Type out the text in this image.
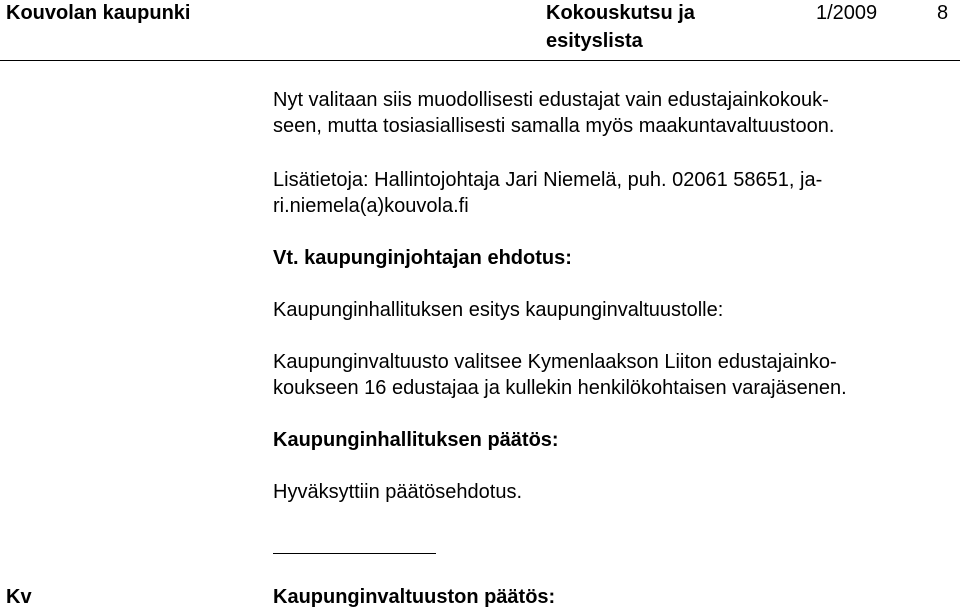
Kouvolan kaupunki	Kokouskutsu ja
esityslista
1/2009	8
Nyt valitaan siis muodollisesti edustajat vain edustajainkokouk-
seen, mutta tosiasiallisesti samalla myös maakuntavaltuustoon.
Lisätietoja: Hallintojohtaja Jari Niemelä, puh. 02061 58651, ja-
ri.niemela(a)kouvola.fi
Vt. kaupunginjohtajan ehdotus:
Kaupunginhallituksen esitys kaupunginvaltuustolle:
Kaupunginvaltuusto valitsee Kymenlaakson Liiton edustajainko-
koukseen 16 edustajaa ja kullekin henkilökohtaisen varajäsenen.
Kaupunginhallituksen päätös:
Hyväksyttiin päätösehdotus.
Kv	Kaupunginvaltuuston päätös:
